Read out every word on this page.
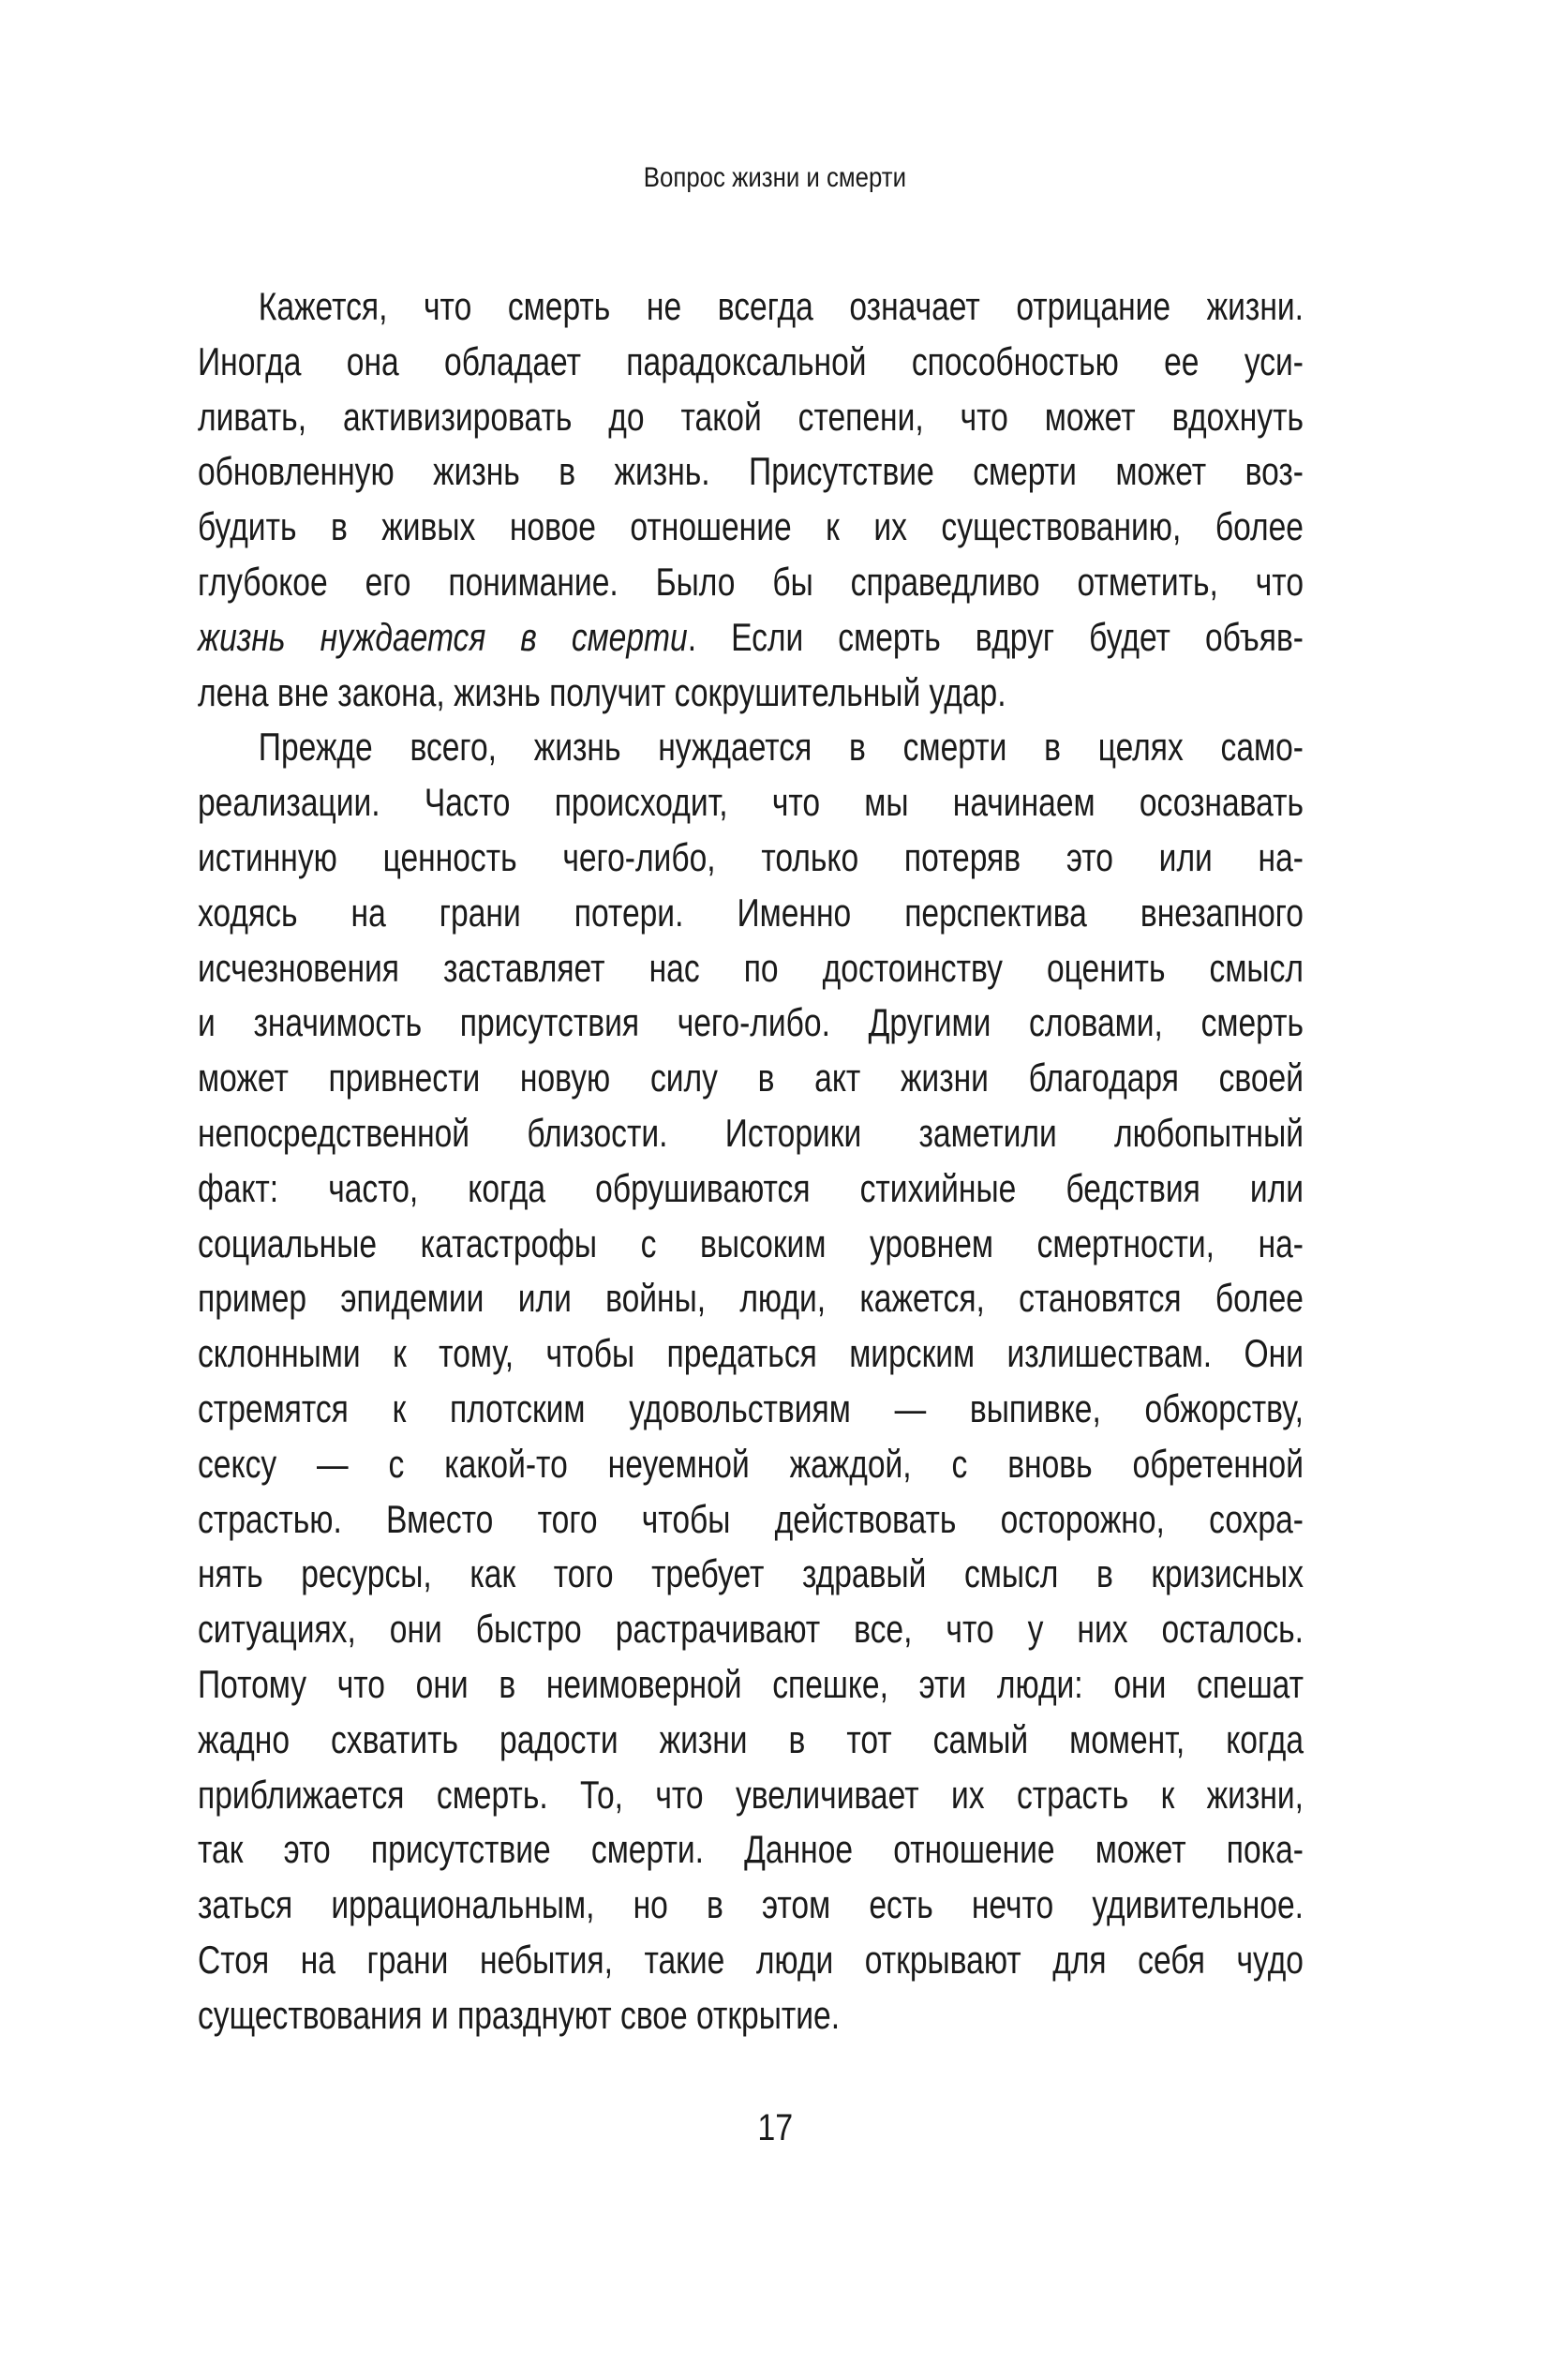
Вопрос жизни и смерти
Кажется, что смерть не всегда означает отрицание жизни.
Иногда она обладает парадоксальной способностью ее уси-
ливать, активизировать до такой степени, что может вдохнуть
обновленную жизнь в жизнь. Присутствие смерти может воз-
будить в живых новое отношение к их существованию, более
глубокое его понимание. Было бы справедливо отметить, что
жизнь нуждается в смерти. Если смерть вдруг будет объяв-
лена вне закона, жизнь получит сокрушительный удар.
Прежде всего, жизнь нуждается в смерти в целях само-
реализации. Часто происходит, что мы начинаем осознавать
истинную ценность чего-либо, только потеряв это или на-
ходясь на грани потери. Именно перспектива внезапного
исчезновения заставляет нас по достоинству оценить смысл
и значимость присутствия чего-либо. Другими словами, смерть
может привнести новую силу в акт жизни благодаря своей
непосредственной близости. Историки заметили любопытный
факт: часто, когда обрушиваются стихийные бедствия или
социальные катастрофы с высоким уровнем смертности, на-
пример эпидемии или войны, люди, кажется, становятся более
склонными к тому, чтобы предаться мирским излишествам. Они
стремятся к плотским удовольствиям — выпивке, обжорству,
сексу — с какой-то неуемной жаждой, с вновь обретенной
страстью. Вместо того чтобы действовать осторожно, сохра-
нять ресурсы, как того требует здравый смысл в кризисных
ситуациях, они быстро растрачивают все, что у них осталось.
Потому что они в неимоверной спешке, эти люди: они спешат
жадно схватить радости жизни в тот самый момент, когда
приближается смерть. То, что увеличивает их страсть к жизни,
так это присутствие смерти. Данное отношение может пока-
заться иррациональным, но в этом есть нечто удивительное.
Стоя на грани небытия, такие люди открывают для себя чудо
существования и празднуют свое открытие.
17
